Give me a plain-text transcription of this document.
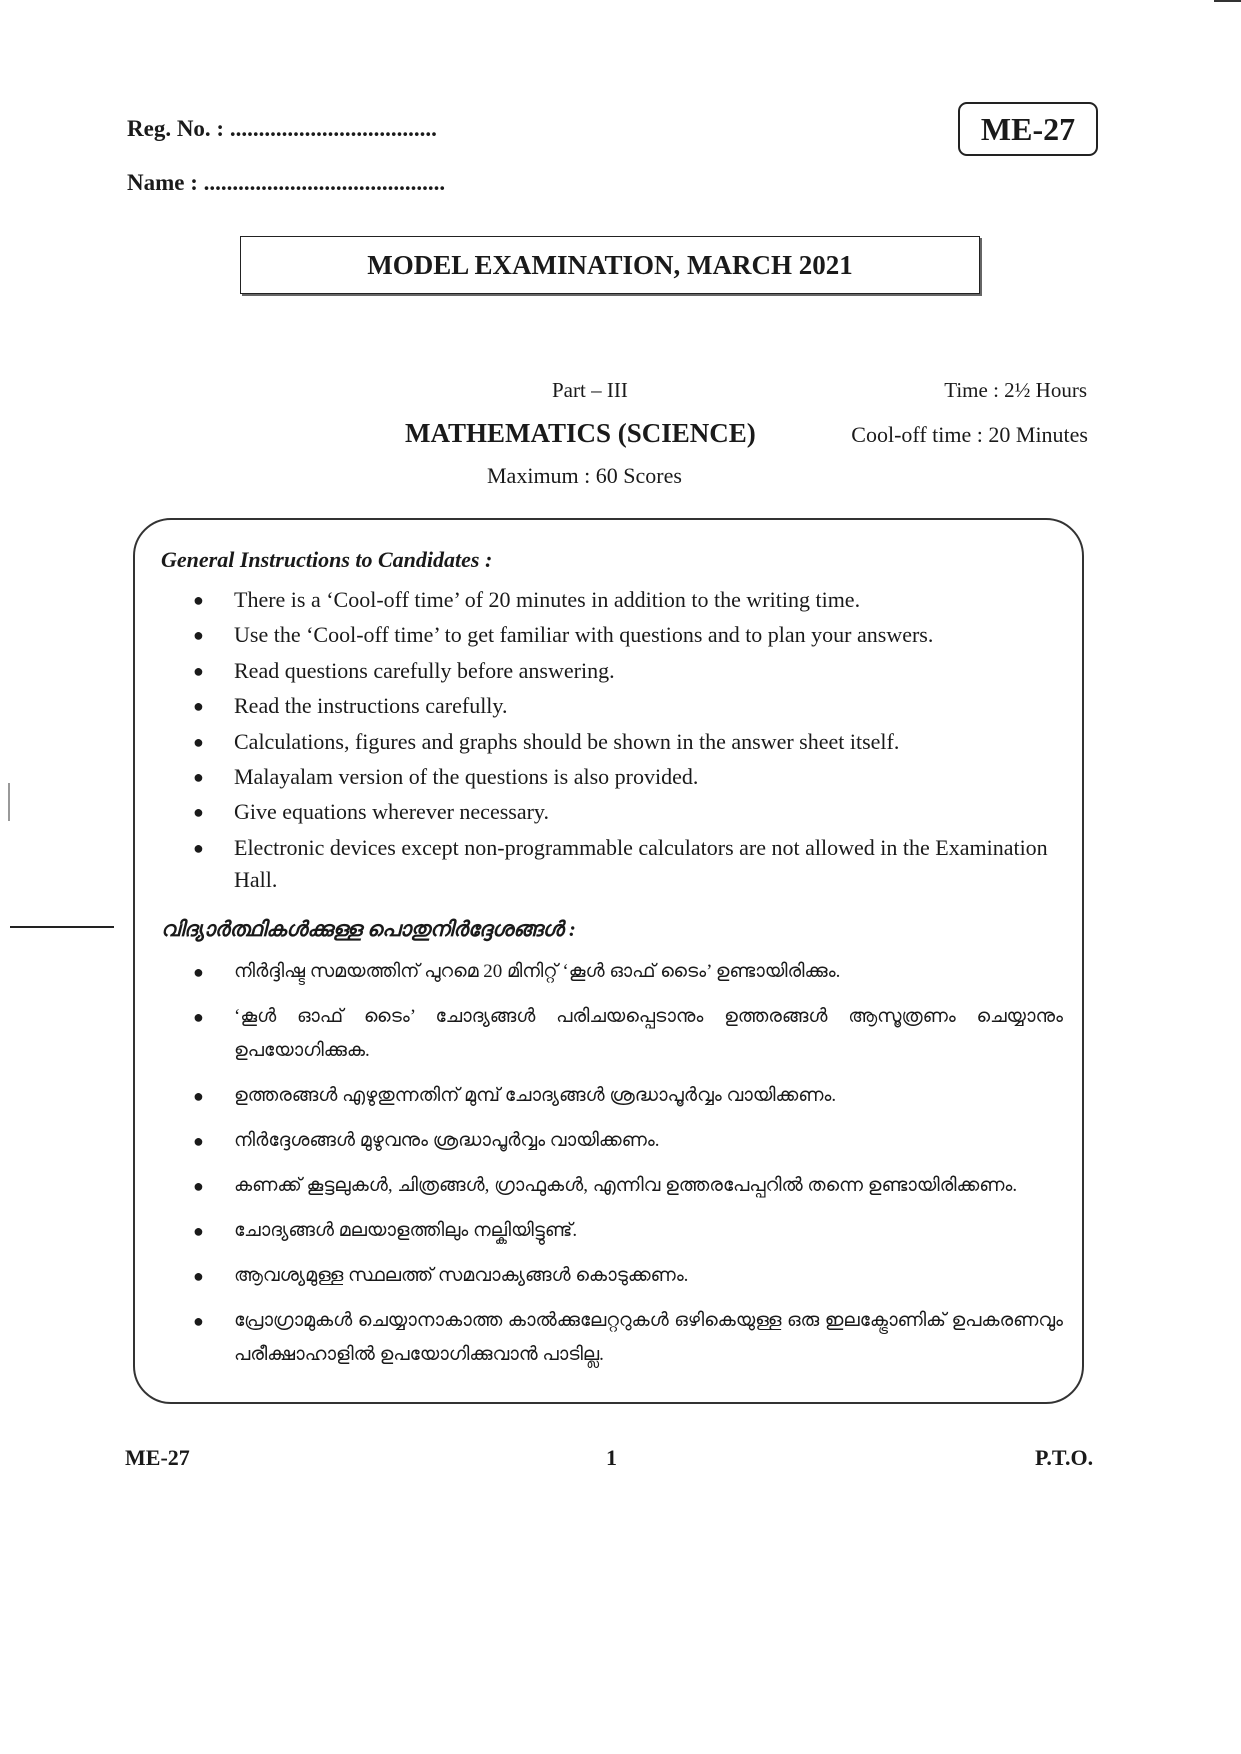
Reg. No. : ....................................
Name : ..........................................
ME-27
MODEL EXAMINATION, MARCH 2021
Part – III	Time : 2½ Hours
MATHEMATICS (SCIENCE)	Cool-off time : 20 Minutes
Maximum : 60 Scores
General Instructions to Candidates :
● There is a ‘Cool-off time’ of 20 minutes in addition to the writing time.
● Use the ‘Cool-off time’ to get familiar with questions and to plan your answers.
● Read questions carefully before answering.
● Read the instructions carefully.
● Calculations, figures and graphs should be shown in the answer sheet itself.
● Malayalam version of the questions is also provided.
● Give equations wherever necessary.
● Electronic devices except non-programmable calculators are not allowed in the Examination Hall.
വിദ്യാർത്ഥികൾക്കുള്ള പൊതുനിർദ്ദേശങ്ങൾ :
● നിർദ്ദിഷ്ട സമയത്തിന് പുറമെ 20 മിനിറ്റ് ‘കൂൾ ഓഫ് ടൈം’ ഉണ്ടായിരിക്കും.
● ‘കൂൾ ഓഫ് ടൈം’ ചോദ്യങ്ങൾ പരിചയപ്പെടാനും ഉത്തരങ്ങൾ ആസൂത്രണം ചെയ്യാനും ഉപയോഗിക്കുക.
● ഉത്തരങ്ങൾ എഴുതുന്നതിന് മുമ്പ് ചോദ്യങ്ങൾ ശ്രദ്ധാപൂർവ്വം വായിക്കണം.
● നിർദ്ദേശങ്ങൾ മുഴുവനും ശ്രദ്ധാപൂർവ്വം വായിക്കണം.
● കണക്ക് കൂട്ടലുകൾ, ചിത്രങ്ങൾ, ഗ്രാഫുകൾ, എന്നിവ ഉത്തരപേപ്പറിൽ തന്നെ ഉണ്ടായിരിക്കണം.
● ചോദ്യങ്ങൾ മലയാളത്തിലും നല്കിയിട്ടുണ്ട്.
● ആവശ്യമുള്ള സ്ഥലത്ത് സമവാക്യങ്ങൾ കൊടുക്കണം.
● പ്രോഗ്രാമുകൾ ചെയ്യാനാകാത്ത കാൽക്കുലേറ്ററുകൾ ഒഴികെയുള്ള ഒരു ഇലക്ട്രോണിക് ഉപകരണവും പരീക്ഷാഹാളിൽ ഉപയോഗിക്കുവാൻ പാടില്ല.
ME-27	1	P.T.O.
